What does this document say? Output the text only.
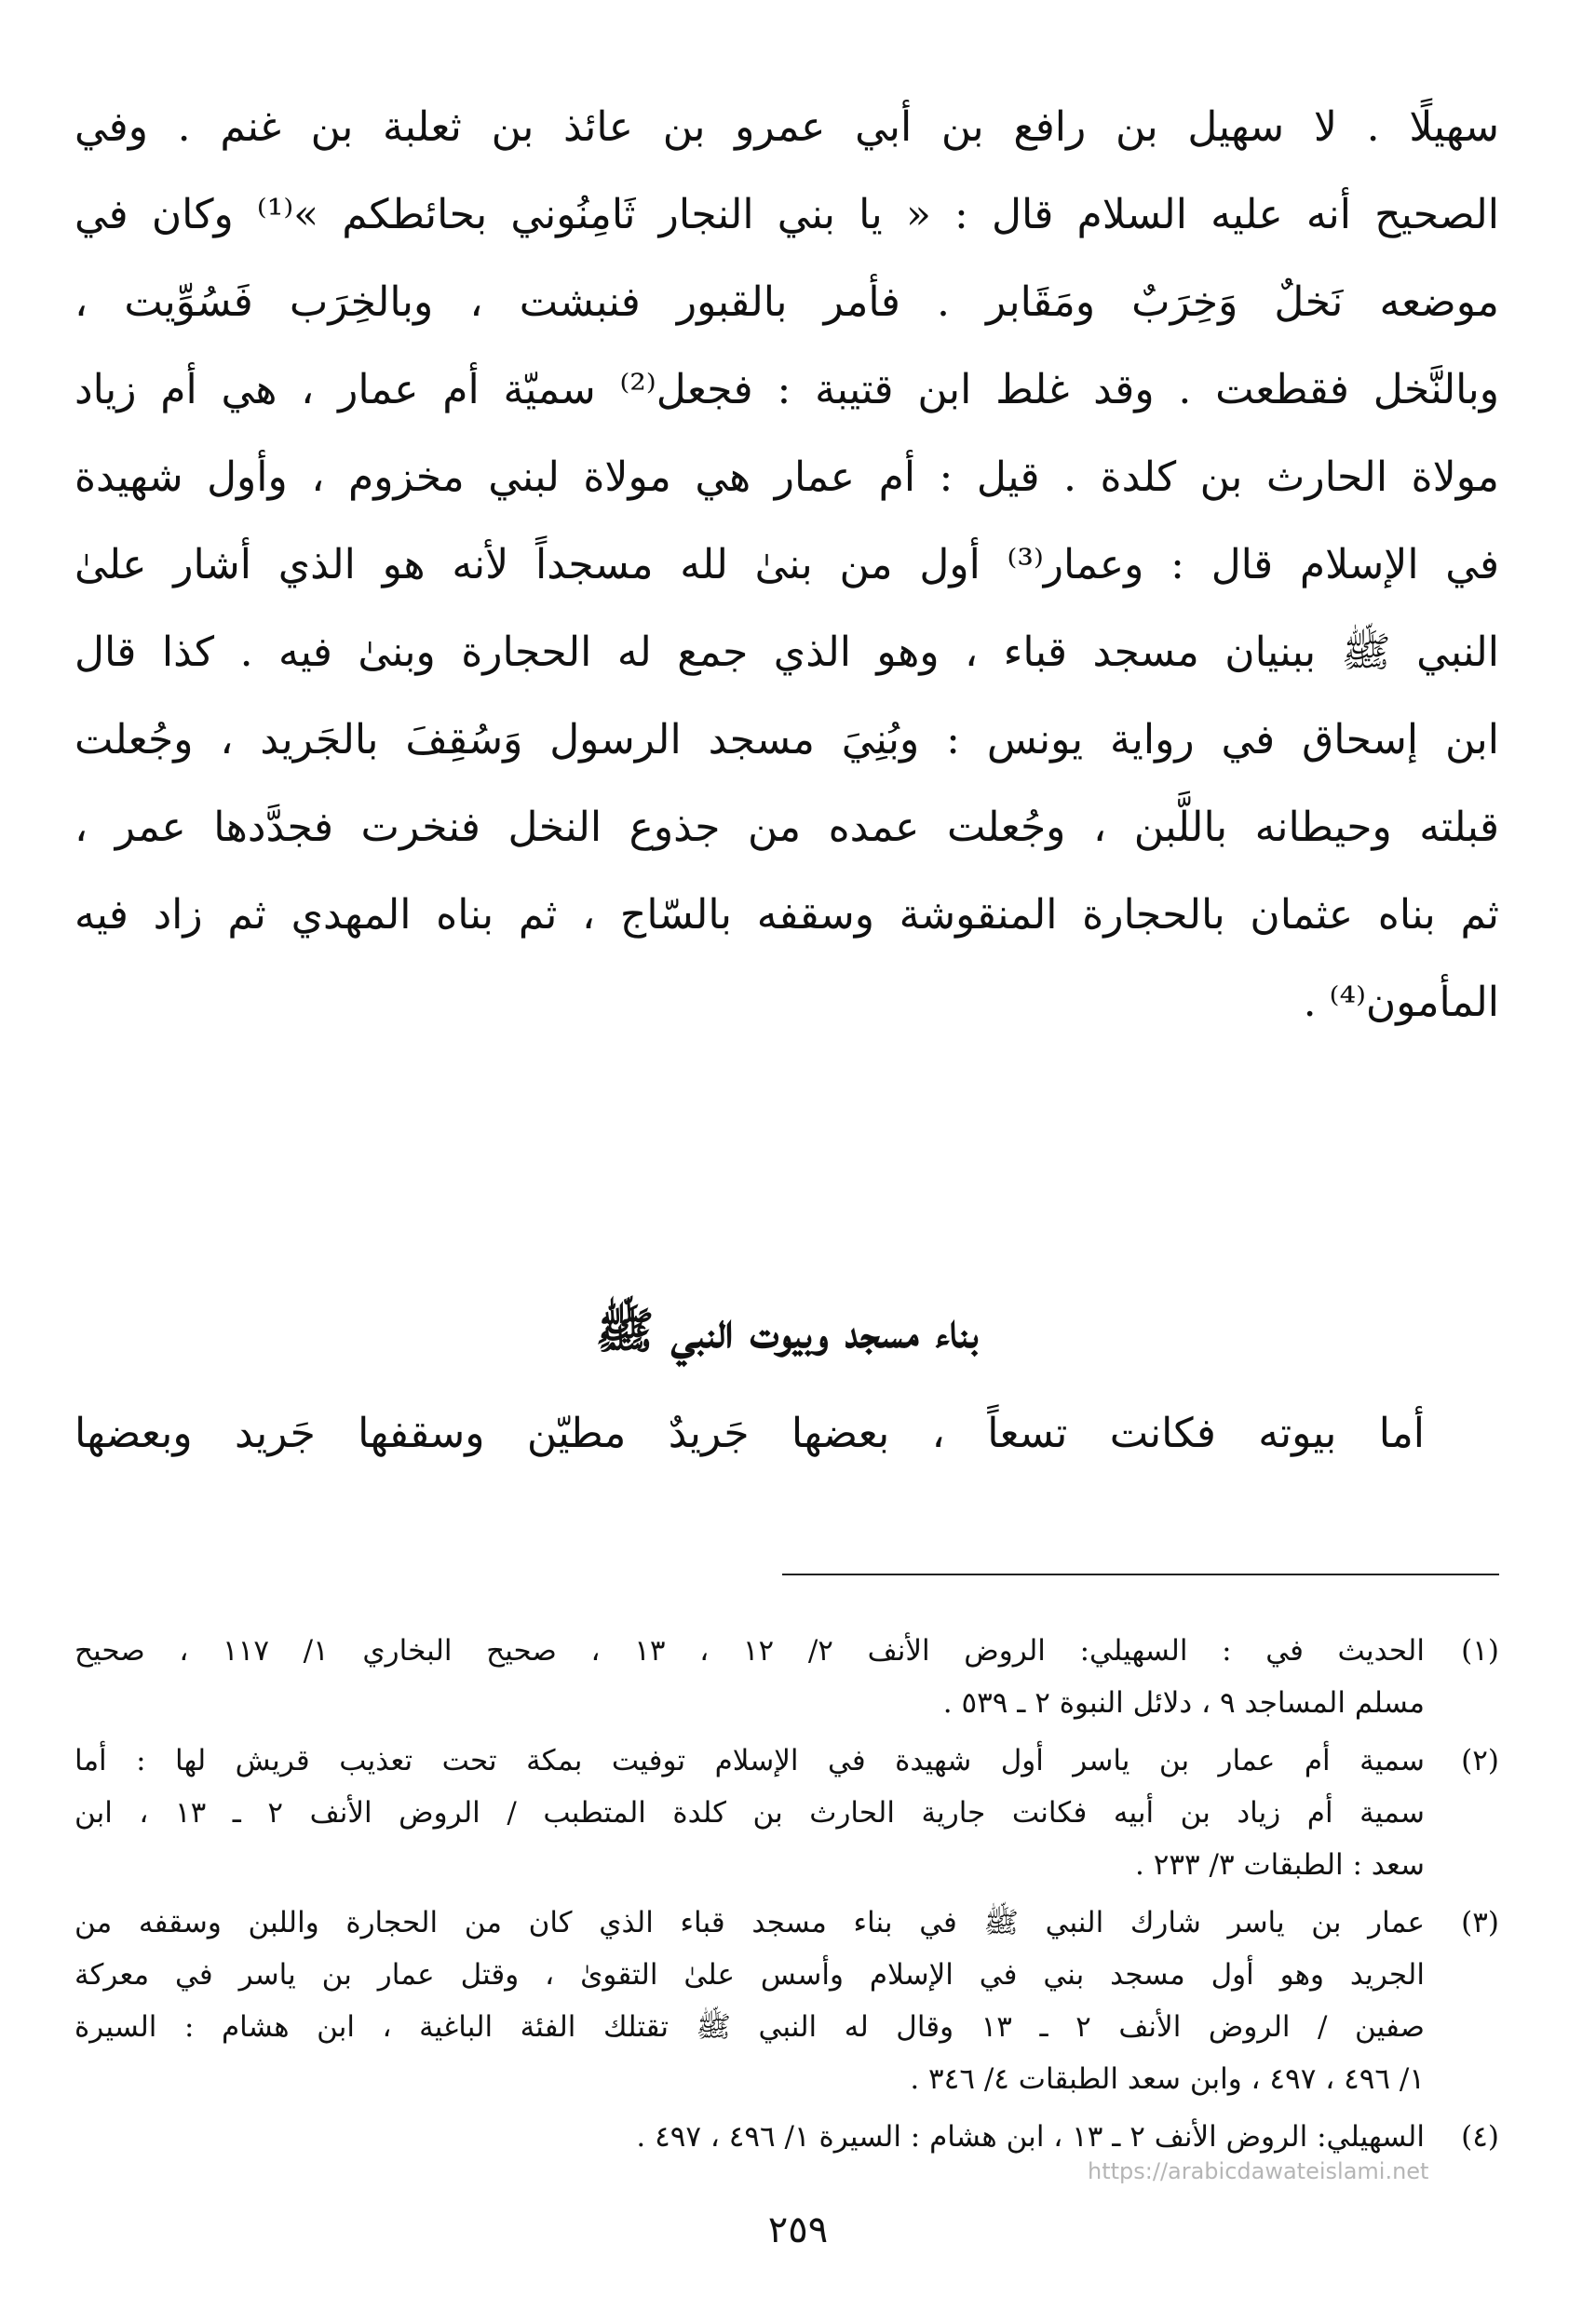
سهيلًا . لا سهيل بن رافع بن أبي عمرو بن عائذ بن ثعلبة بن غنم . وفي
الصحيح أنه عليه السلام قال : « يا بني النجار ثَامِنُوني بحائطكم »⁽¹⁾ وكان في
موضعه نَخلٌ وَخِرَبٌ ومَقَابر . فأمر بالقبور فنبشت ، وبالخِرَب فَسُوِّيت ،
وبالنَّخل فقطعت . وقد غلط ابن قتيبة : فجعل⁽²⁾ سميّة أم عمار ، هي أم زياد
مولاة الحارث بن كلدة . قيل : أم عمار هي مولاة لبني مخزوم ، وأول شهيدة
في الإسلام قال : وعمار⁽³⁾ أول من بنىٰ لله مسجداً لأنه هو الذي أشار علىٰ
النبي ﷺ ببنيان مسجد قباء ، وهو الذي جمع له الحجارة وبنىٰ فيه . كذا قال
ابن إسحاق في رواية يونس : وبُنِيَ مسجد الرسول وَسُقِفَ بالجَريد ، وجُعلت
قبلته وحيطانه باللَّبن ، وجُعلت عمده من جذوع النخل فنخرت فجدَّدها عمر ،
ثم بناه عثمان بالحجارة المنقوشة وسقفه بالسّاج ، ثم بناه المهدي ثم زاد فيه
المأمون⁽⁴⁾ .
بناء مسجد وبيوت النبي ﷺ
أما بيوته فكانت تسعاً ، بعضها جَريدٌ مطيّن وسقفها جَريد وبعضها
(١)
الحديث في : السهيلي: الروض الأنف ٢/ ١٢ ، ١٣ ، صحيح البخاري ١/ ١١٧ ، صحيح
مسلم المساجد ٩ ، دلائل النبوة ٢ ـ ٥٣٩ .
(٢)
سمية أم عمار بن ياسر أول شهيدة في الإسلام توفيت بمكة تحت تعذيب قريش لها : أما
سمية أم زياد بن أبيه فكانت جارية الحارث بن كلدة المتطبب / الروض الأنف ٢ ـ ١٣ ، ابن
سعد : الطبقات ٣/ ٢٣٣ .
(٣)
عمار بن ياسر شارك النبي ﷺ في بناء مسجد قباء الذي كان من الحجارة واللبن وسقفه من
الجريد وهو أول مسجد بني في الإسلام وأسس علىٰ التقوىٰ ، وقتل عمار بن ياسر في معركة
صفين / الروض الأنف ٢ ـ ١٣ وقال له النبي ﷺ تقتلك الفئة الباغية ، ابن هشام : السيرة
١/ ٤٩٦ ، ٤٩٧ ، وابن سعد الطبقات ٤/ ٣٤٦ .
(٤)
السهيلي: الروض الأنف ٢ ـ ١٣ ، ابن هشام : السيرة ١/ ٤٩٦ ، ٤٩٧ .
https://arabicdawateislami.net
٢٥٩
